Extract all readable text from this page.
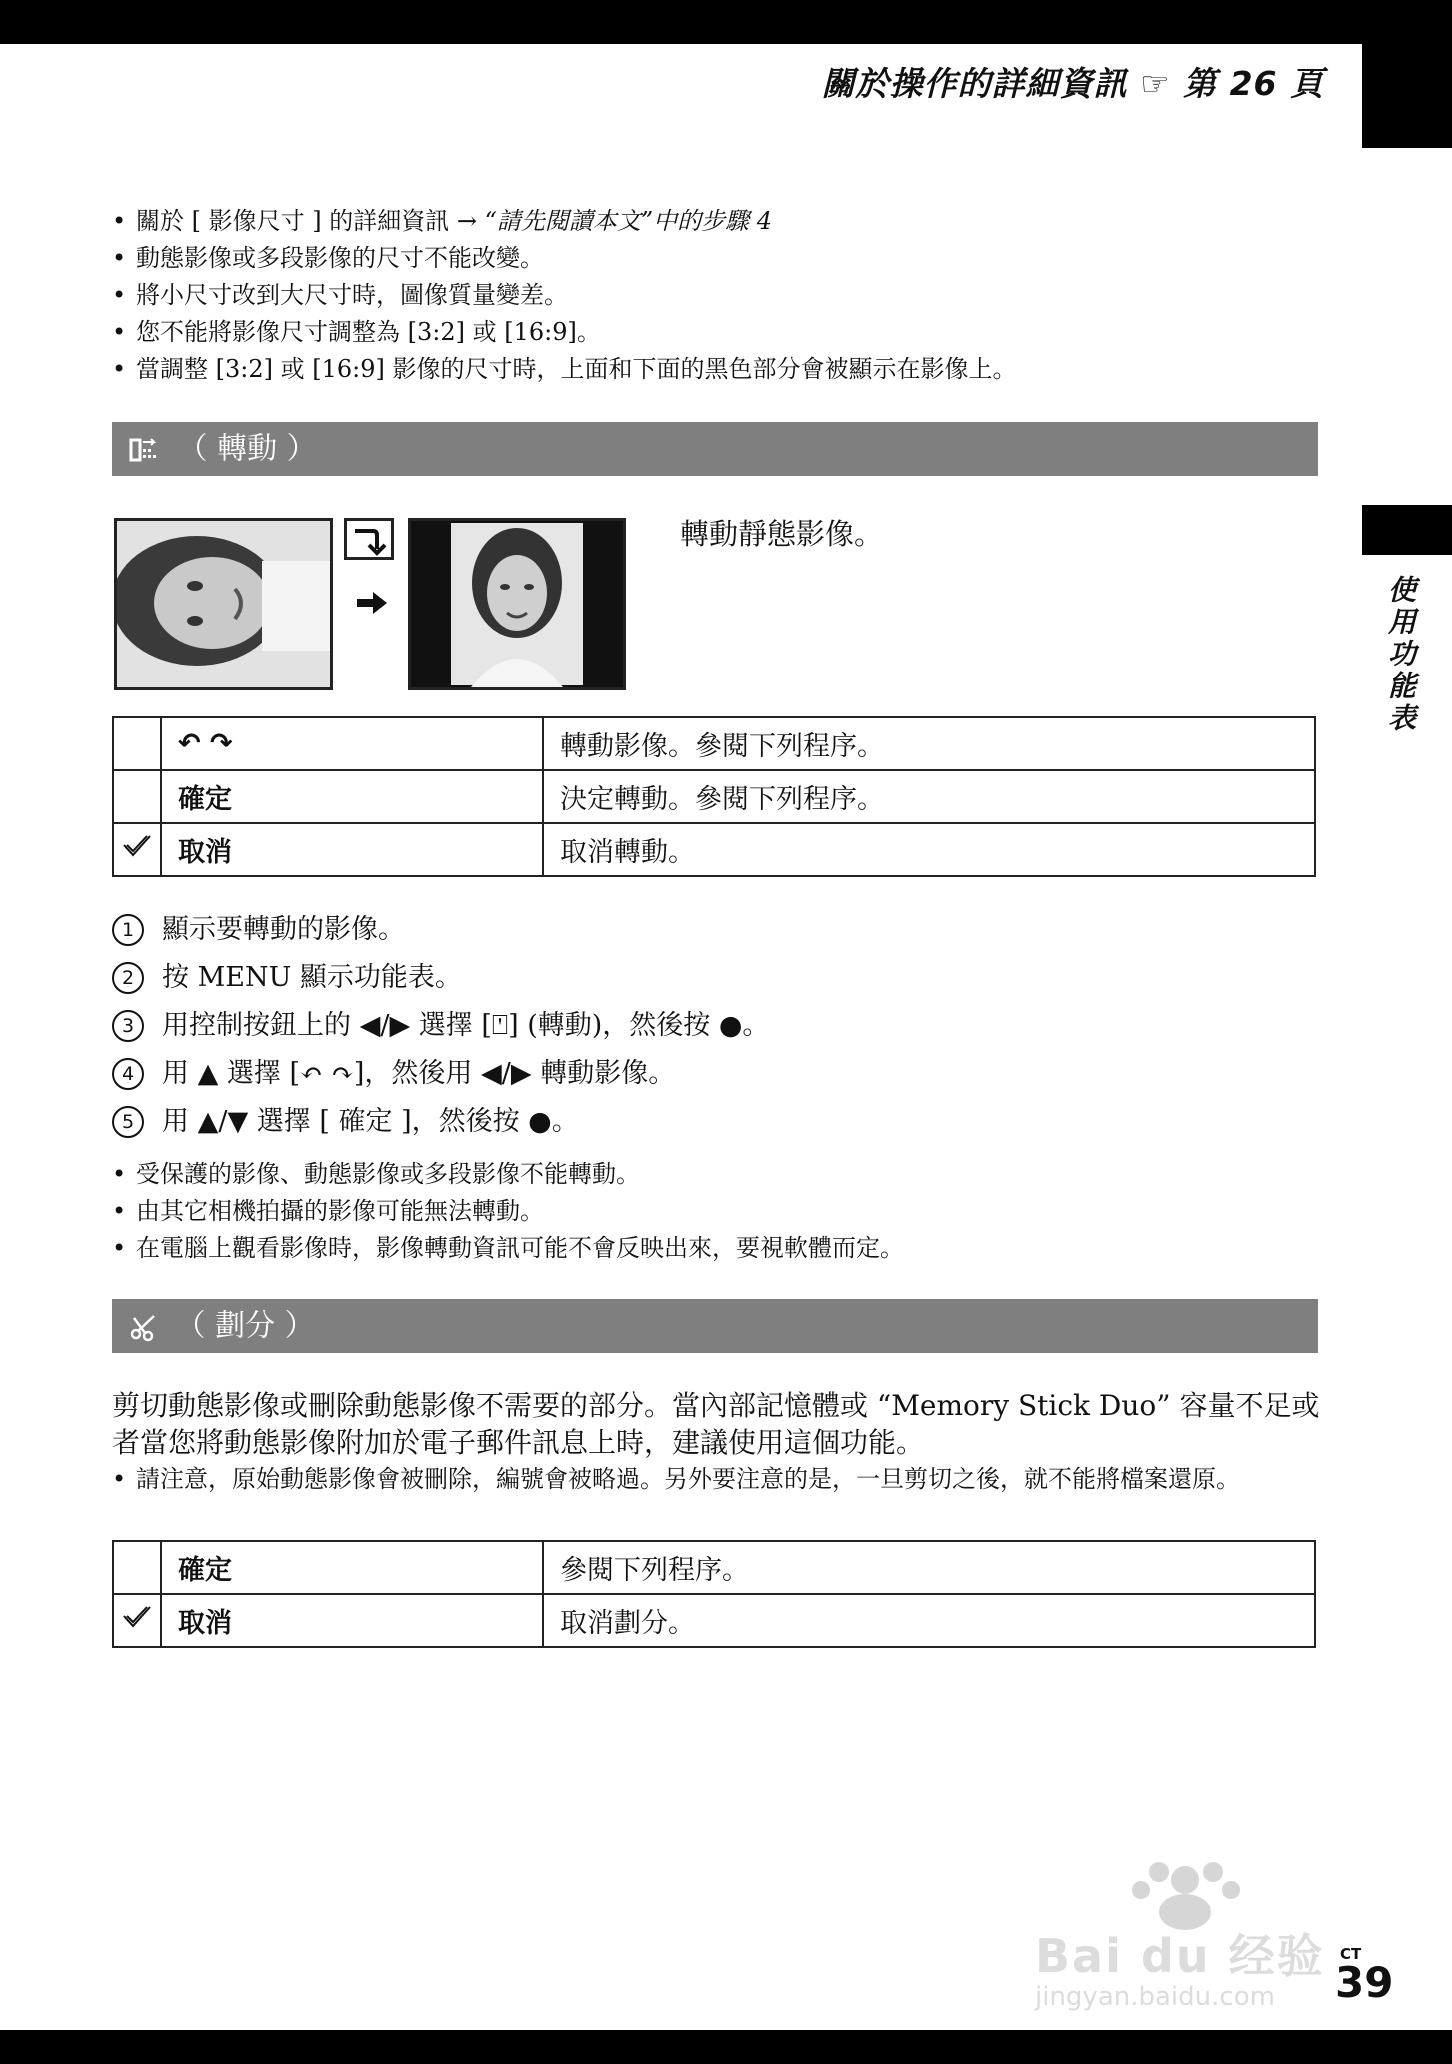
關於操作的詳細資訊 ☞ 第 26 頁
使用功能表
• 關於 [ 影像尺寸 ] 的詳細資訊 → “請先閱讀本文”中的步驟 4
• 動態影像或多段影像的尺寸不能改變。
• 將小尺寸改到大尺寸時，圖像質量變差。
• 您不能將影像尺寸調整為 [3:2] 或 [16:9]。
• 當調整 [3:2] 或 [16:9] 影像的尺寸時，上面和下面的黑色部分會被顯示在影像上。
（ 轉動 ）
轉動靜態影像。
	↶ ↷	轉動影像。參閱下列程序。
	確定	決定轉動。參閱下列程序。
	取消	取消轉動。
1	顯示要轉動的影像。
2	按 MENU 顯示功能表。
3	用控制按鈕上的 ◀/▶ 選擇 [⍞] (轉動)，然後按 ●。
4	用 ▲ 選擇 [↶ ↷]，然後用 ◀/▶ 轉動影像。
5	用 ▲/▼ 選擇 [ 確定 ]，然後按 ●。
• 受保護的影像、動態影像或多段影像不能轉動。
• 由其它相機拍攝的影像可能無法轉動。
• 在電腦上觀看影像時，影像轉動資訊可能不會反映出來，要視軟體而定。
（ 劃分 ）

剪切動態影像或刪除動態影像不需要的部分。當內部記憶體或 “Memory Stick Duo” 容量不足或者當您將動態影像附加於電子郵件訊息上時，建議使用這個功能。

• 請注意，原始動態影像會被刪除，編號會被略過。另外要注意的是，一旦剪切之後，就不能將檔案還原。
	確定	參閱下列程序。
	取消	取消劃分。
Bai du 经验
jingyan.baidu.com
CT
39
